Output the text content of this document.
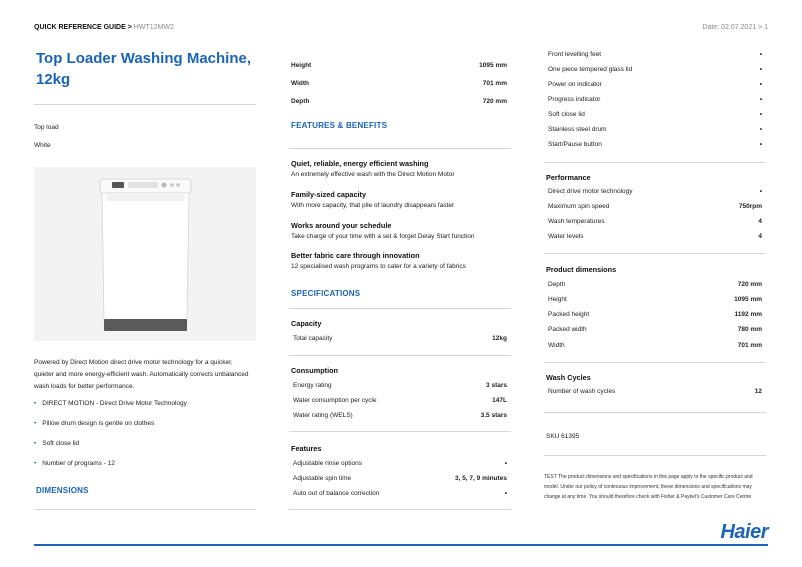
QUICK REFERENCE GUIDE > HWT12MW2	Date: 02.07.2021 > 1
Top Loader Washing Machine,
12kg
Top load
White
Powered by Direct Motion direct drive motor technology for a quicker,
quieter and more energy-efficient wash. Automatically corrects unbalanced
wash loads for better performance.
• DIRECT MOTION - Direct Drive Motor Technology
• Pillow drum design is gentle on clothes
• Soft close lid
• Number of programs - 12
DIMENSIONS
Height	1095 mm
Width	701 mm
Depth	720 mm
FEATURES & BENEFITS
Quiet, reliable, energy efficient washing
An extremely effective wash with the Direct Motion Motor
Family-sized capacity
With more capacity, that pile of laundry disappears faster
Works around your schedule
Take charge of your time with a set & forget Delay Start function
Better fabric care through innovation
12 specialised wash programs to cater for a variety of fabrics
SPECIFICATIONS
Capacity
Total capacity	12kg
Consumption
Energy rating	3 stars
Water consumption per cycle	147L
Water rating (WELS)	3.5 stars
Features
Adjustable rinse options	•
Adjustable spin time	3, 5, 7, 9 minutes
Auto out of balance correction	•
Front levelling feet	•
One piece tempered glass lid	•
Power on indicator	•
Progress indicator	•
Soft close lid	•
Stainless steel drum	•
Start/Pause button	•
Performance
Direct drive motor technology	•
Maximum spin speed	750rpm
Wash temperatures	4
Water levels	4
Product dimensions
Depth	720 mm
Height	1095 mm
Packed height	1192 mm
Packed width	780 mm
Width	701 mm
Wash Cycles
Number of wash cycles	12
SKU 61395
TEST The product dimensions and specifications in this page apply to the specific product and
model. Under our policy of continuous improvement, these dimensions and specifications may
change at any time. You should therefore check with Fisher & Paykel's Customer Care Centre
Haier
